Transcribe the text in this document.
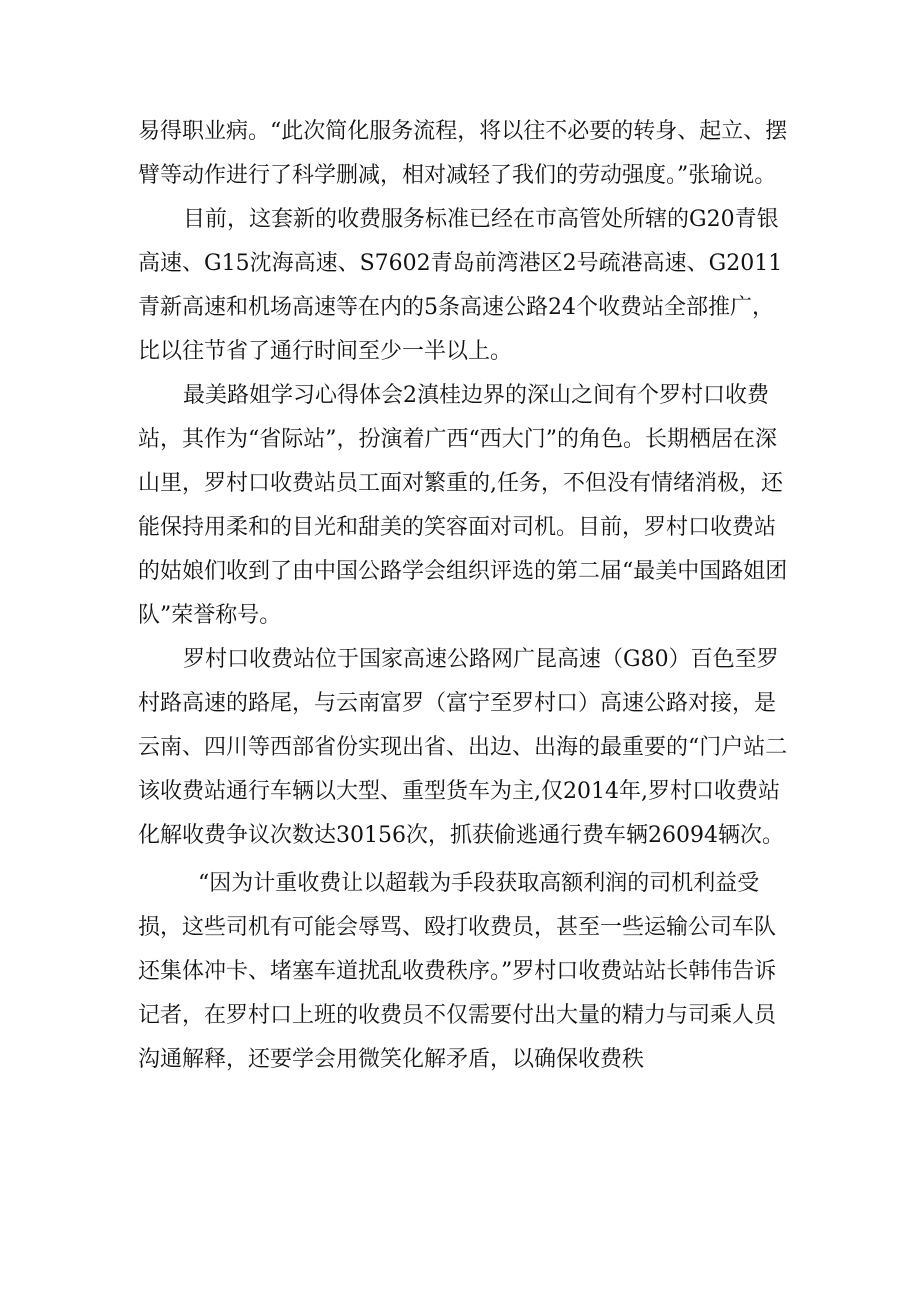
易得职业病。“此次简化服务流程，将以往不必要的转身、起立、摆臂等动作进行了科学删减，相对减轻了我们的劳动强度。”张瑜说。

目前，这套新的收费服务标准已经在市高管处所辖的G20青银高速、G15沈海高速、S7602青岛前湾港区2号疏港高速、G2011青新高速和机场高速等在内的5条高速公路24个收费站全部推广，比以往节省了通行时间至少一半以上。

最美路姐学习心得体会2滇桂边界的深山之间有个罗村口收费站，其作为“省际站”，扮演着广西“西大门”的角色。长期栖居在深山里，罗村口收费站员工面对繁重的,任务，不但没有情绪消极，还能保持用柔和的目光和甜美的笑容面对司机。目前，罗村口收费站的姑娘们收到了由中国公路学会组织评选的第二届“最美中国路姐团队”荣誉称号。

罗村口收费站位于国家高速公路网广昆高速（G80）百色至罗村路高速的路尾，与云南富罗（富宁至罗村口）高速公路对接，是云南、四川等西部省份实现出省、出边、出海的最重要的“门户站二该收费站通行车辆以大型、重型货车为主,仅2014年,罗村口收费站化解收费争议次数达30156次，抓获偷逃通行费车辆26094辆次。

“因为计重收费让以超载为手段获取高额利润的司机利益受损，这些司机有可能会辱骂、殴打收费员，甚至一些运输公司车队还集体冲卡、堵塞车道扰乱收费秩序。”罗村口收费站站长韩伟告诉记者，在罗村口上班的收费员不仅需要付出大量的精力与司乘人员沟通解释，还要学会用微笑化解矛盾，以确保收费秩
